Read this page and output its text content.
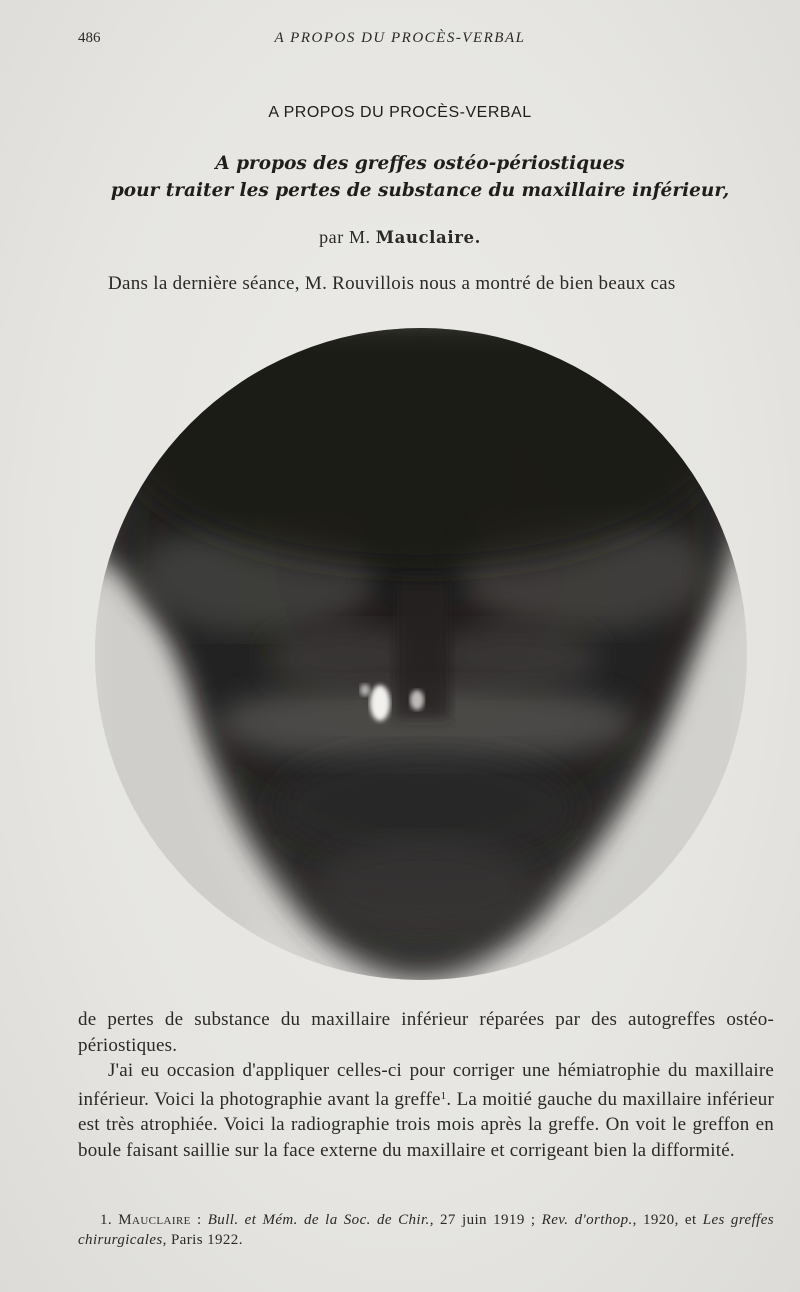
486	A PROPOS DU PROCÈS-VERBAL
A PROPOS DU PROCÈS-VERBAL
A propos des greffes ostéo-périostiques
pour traiter les pertes de substance du maxillaire inférieur,
par M. Mauclaire.
Dans la dernière séance, M. Rouvillois nous a montré de bien beaux cas

de pertes de substance du maxillaire inférieur réparées par des autogreffes ostéo-périostiques.

J'ai eu occasion d'appliquer celles-ci pour corriger une hémiatrophie du maxillaire inférieur. Voici la photographie avant la greffe$^1$. La moitié gauche du maxillaire inférieur est très atrophiée. Voici la radiographie trois mois après la greffe. On voit le greffon en boule faisant saillie sur la face externe du maxillaire et corrigeant bien la difformité.

1. Mauclaire : Bull. et Mém. de la Soc. de Chir., 27 juin 1919 ; Rev. d'orthop., 1920, et Les greffes chirurgicales, Paris 1922.
